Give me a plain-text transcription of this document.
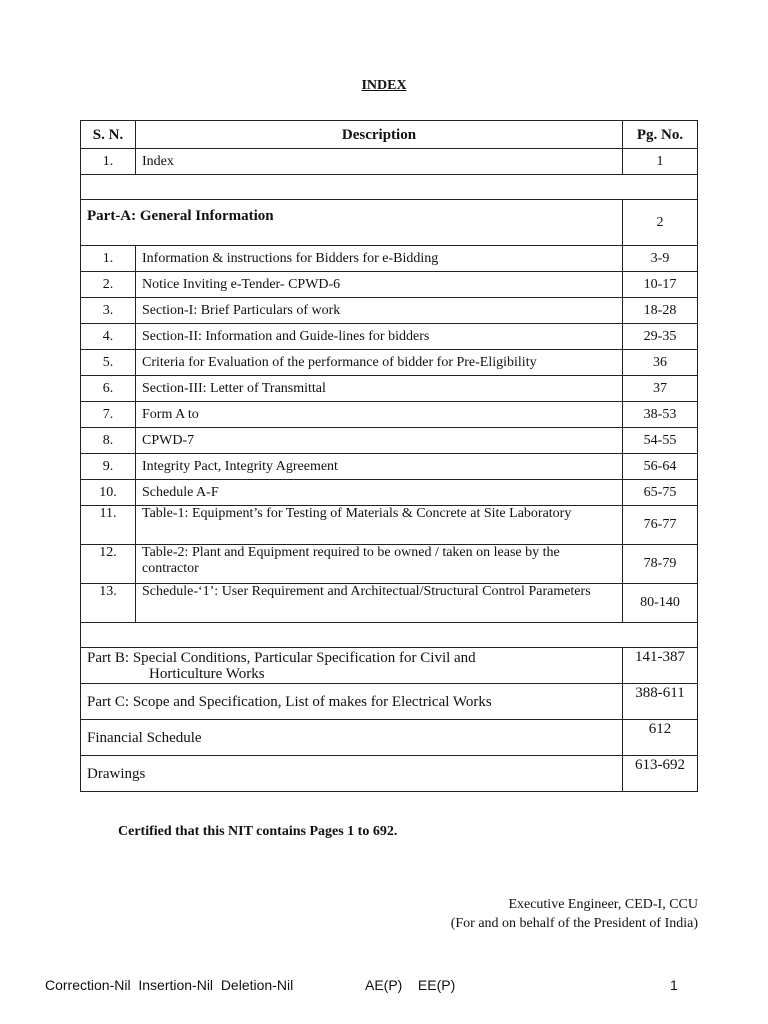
INDEX
S. N.	Description	Pg. No.
1.	Index	1

Part-A: General Information		2
1.	Information & instructions for Bidders for e-Bidding	3-9
2.	Notice Inviting e-Tender- CPWD-6	10-17
3.	Section-I: Brief Particulars of work	18-28
4.	Section-II: Information and Guide-lines for bidders	29-35
5.	Criteria for Evaluation of the performance of bidder for Pre-Eligibility	36
6.	Section-III: Letter of Transmittal	37
7.	Form A to	38-53
8.	CPWD-7	54-55
9.	Integrity Pact, Integrity Agreement	56-64
10.	Schedule A-F	65-75
11.	Table-1: Equipment’s for Testing of Materials & Concrete at Site Laboratory	76-77
12.	Table-2: Plant and Equipment required to be owned / taken on lease by the contractor	78-79
13.	Schedule-‘1’: User Requirement and Architectual/Structural Control Parameters	80-140

Part B: Special Conditions, Particular Specification for Civil and
Horticulture Works		141-387
Part C: Scope and Specification, List of makes for Electrical Works		388-611
Financial Schedule		612
Drawings		613-692
Certified that this NIT contains Pages 1 to 692.
Executive Engineer, CED-I, CCU
(For and on behalf of the President of India)
Correction-Nil  Insertion-Nil  Deletion-Nil	AE(P)    EE(P)	1
